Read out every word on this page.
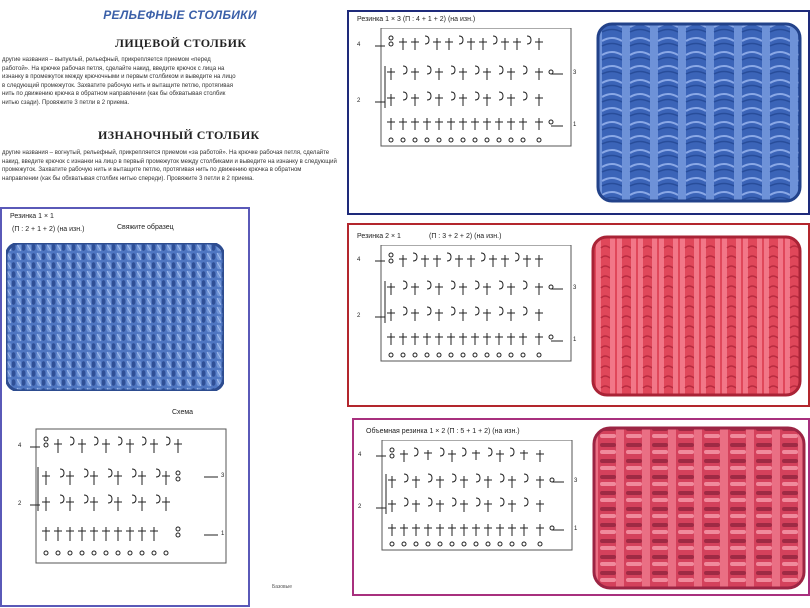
РЕЛЬЕФНЫЕ СТОЛБИКИ
ЛИЦЕВОЙ СТОЛБИК
другие названия – выпуклый, рельефный, прикрепляется приемом «перед работой». На крючке рабочая петля, сделайте накид, введите крючок с лица на изнанку в промежуток между крючочными и первым столбиком и выведите на лицо в следующий промежуток. Захватите рабочую нить и вытащите петлю, протягивая нить по движению крючка в обратном направлении (как бы обхватывая столбик нитью сзади). Провяжите 3 петли в 2 приема.
ИЗНАНОЧНЫЙ СТОЛБИК
другие названия – вогнутый, рельефный, прикрепляется приемом «за работой». На крючке рабочая петля, сделайте накид, введите крючок с изнанки на лицо в первый промежуток между столбиками и выведите на изнанку в следующий промежуток. Захватите рабочую нить и вытащите петлю, протягивая нить по движению крючка в обратном направлении (как бы обхватывая столбик нитью спереди). Провяжите 3 петли в 2 приема.
Резинка 1 × 1
(П : 2 + 1 + 2) (на изн.)	Свяжите образец
Схема
4
3
2
1
Резинка 1 × 3 (П : 4 + 1 + 2) (на изн.)
4
3
2
1
Резинка 2 × 1	(П : 3 + 2 + 2) (на изн.)
4
3
2
1
Объемная резинка 1 × 2 (П : 5 + 1 + 2) (на изн.)
4
3
2
1
Базовые
